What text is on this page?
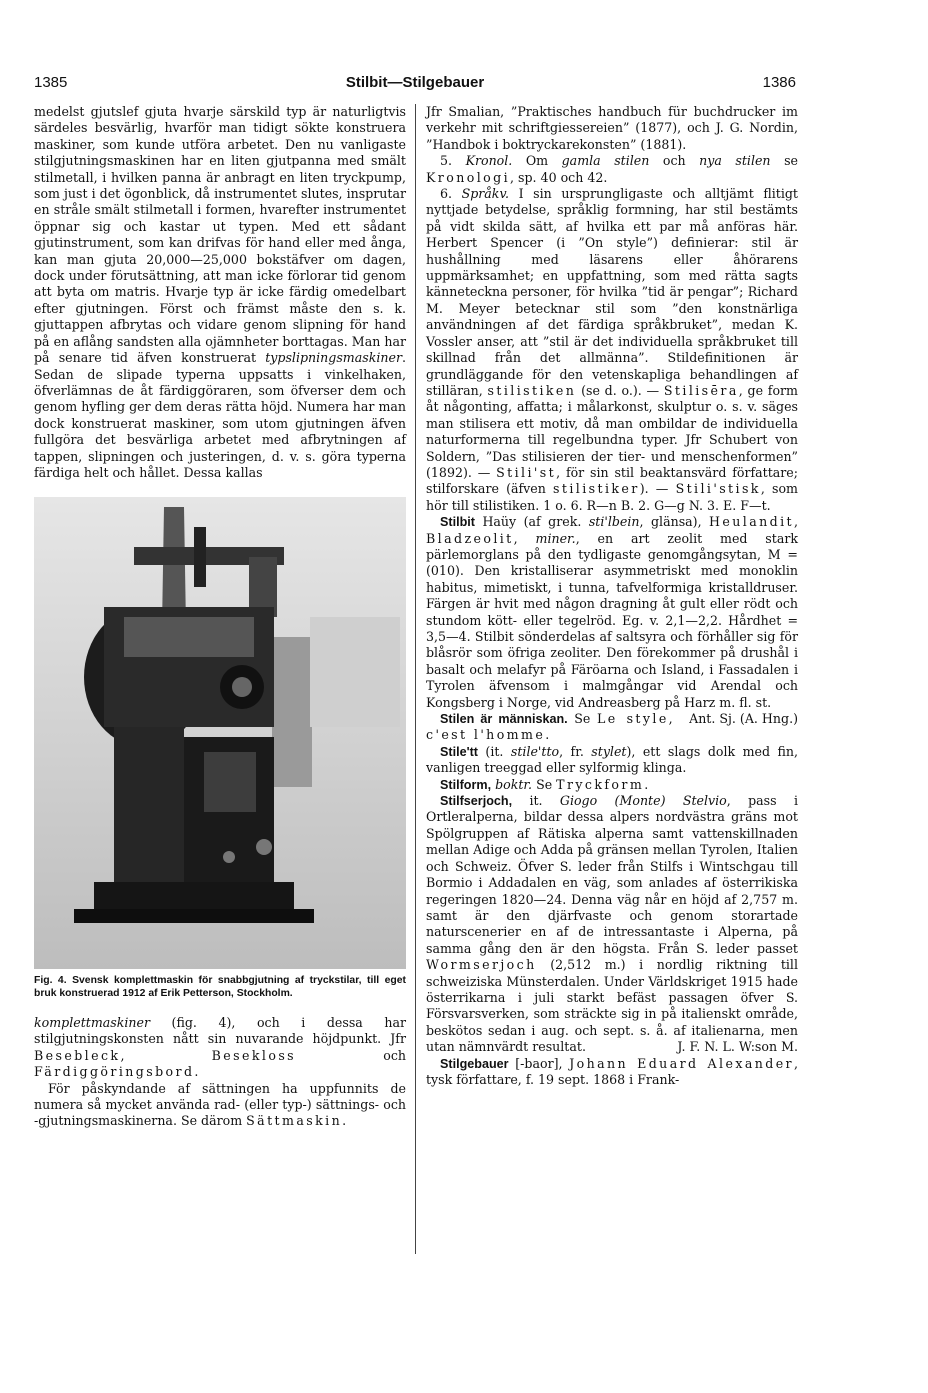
1385	Stilbit—Stilgebauer	1386

medelst gjutslef gjuta hvarje särskild typ är naturligtvis särdeles besvärlig, hvarför man tidigt sökte konstruera maskiner, som kunde utföra arbetet. Den nu vanligaste stilgjutningsmaskinen har en liten gjutpanna med smält stilmetall, i hvilken panna är anbragt en liten tryckpump, som just i det ögonblick, då instrumentet slutes, insprutar en stråle smält stilmetall i formen, hvarefter instrumentet öppnar sig och kastar ut typen. Med ett sådant gjutinstrument, som kan drifvas för hand eller med ånga, kan man gjuta 20,000—25,000 bokstäfver om dagen, dock under förutsättning, att man icke förlorar tid genom att byta om matris. Hvarje typ är icke färdig omedelbart efter gjutningen. Först och främst måste den s. k. gjuttappen afbrytas och vidare genom slipning för hand på en aflång sandsten alla ojämnheter borttagas. Man har på senare tid äfven konstruerat typslipningsmaskiner. Sedan de slipade typerna uppsatts i vinkelhaken, öfverlämnas de åt färdiggöraren, som öfverser dem och genom hyfling ger dem deras rätta höjd. Numera har man dock konstruerat maskiner, som utom gjutningen äfven fullgöra det besvärliga arbetet med afbrytningen af tappen, slipningen och justeringen, d. v. s. göra typerna färdiga helt och hållet. Dessa kallas

Fig. 4. Svensk komplettmaskin för snabbgjutning af tryckstilar, till eget bruk konstruerad 1912 af Erik Petterson, Stockholm.

komplettmaskiner (fig. 4), och i dessa har stilgjutningskonsten nått sin nuvarande höjdpunkt. Jfr Besebleck, Besekloss och Färdiggöringsbord.

För påskyndande af sättningen ha uppfunnits de numera så mycket använda rad- (eller typ-) sättnings- och -gjutningsmaskinerna. Se därom Sättmaskin.

Jfr Smalian, ”Praktisches handbuch für buchdrucker im verkehr mit schriftgiessereien” (1877), och J. G. Nordin, ”Handbok i boktryckarekonsten” (1881).

5. Kronol. Om gamla stilen och nya stilen se Kronologi, sp. 40 och 42.

6. Språkv. I sin ursprungligaste och alltjämt flitigt nyttjade betydelse, språklig formning, har stil bestämts på vidt skilda sätt, af hvilka ett par må anföras här. Herbert Spencer (i ”On style”) definierar: stil är hushållning med läsarens eller åhörarens uppmärksamhet; en uppfattning, som med rätta sagts känneteckna personer, för hvilka ”tid är pengar”; Richard M. Meyer betecknar stil som ”den konstnärliga användningen af det färdiga språkbruket”, medan K. Vossler anser, att ”stil är det individuella språkbruket till skillnad från det allmänna”. Stildefinitionen är grundläggande för den vetenskapliga behandlingen af stilläran, stilistiken (se d. o.). — Stilisēra, ge form åt någonting, affatta; i målarkonst, skulptur o. s. v. säges man stilisera ett motiv, då man ombildar de individuella naturformerna till regelbundna typer. Jfr Schubert von Soldern, ”Das stilisieren der tier- und menschenformen” (1892). — Stili'st, för sin stil beaktansvärd författare; stilforskare (äfven stilistiker). — Stili'stisk, som hör till stilistiken. 1 o. 6. R—n B. 2. G—g N. 3. E. F—t.

Stilbit Haüy (af grek. sti'lbein, glänsa), Heulandit, Bladzeolit, miner., en art zeolit med stark pärlemorglans på den tydligaste genomgångsytan, M = (010). Den kristalliserar asymmetriskt med monoklin habitus, mimetiskt, i tunna, tafvelformiga kristalldruser. Färgen är hvit med någon dragning åt gult eller rödt och stundom kött- eller tegelröd. Eg. v. 2,1—2,2. Hårdhet = 3,5—4. Stilbit sönderdelas af saltsyra och förhåller sig för blåsrör som öfriga zeoliter. Den förekommer på drushål i basalt och melafyr på Färöarna och Island, i Fassadalen i Tyrolen äfvensom i malmgångar vid Arendal och Kongsberg i Norge, vid Andreasberg på Harz m. fl. st.
Ant. Sj. (A. Hng.)

Stilen är människan. Se Le style, c'est l'homme.

Stile'tt (it. stile'tto, fr. stylet), ett slags dolk med fin, vanligen treeggad eller sylformig klinga.

Stilform, boktr. Se Tryckform.

Stilfserjoch, it. Giogo (Monte) Stelvio, pass i Ortleralperna, bildar dessa alpers nordvästra gräns mot Spölgruppen af Rätiska alperna samt vattenskillnaden mellan Adige och Adda på gränsen mellan Tyrolen, Italien och Schweiz. Öfver S. leder från Stilfs i Wintschgau till Bormio i Addadalen en väg, som anlades af österrikiska regeringen 1820—24. Denna väg når en höjd af 2,757 m. samt är den djärfvaste och genom storartade naturscenerier en af de intressantaste i Alperna, på samma gång den är den högsta. Från S. leder passet Wormserjoch (2,512 m.) i nordlig riktning till schweiziska Münsterdalen. Under Världskriget 1915 hade österrikarna i juli starkt befäst passagen öfver S. Försvarsverken, som sträckte sig in på italienskt område, beskötos sedan i aug. och sept. s. å. af italienarna, men utan nämnvärdt resultat.	J. F. N. L. W:son M.

Stilgebauer [-baor], Johann Eduard Alexander, tysk författare, f. 19 sept. 1868 i Frank-
